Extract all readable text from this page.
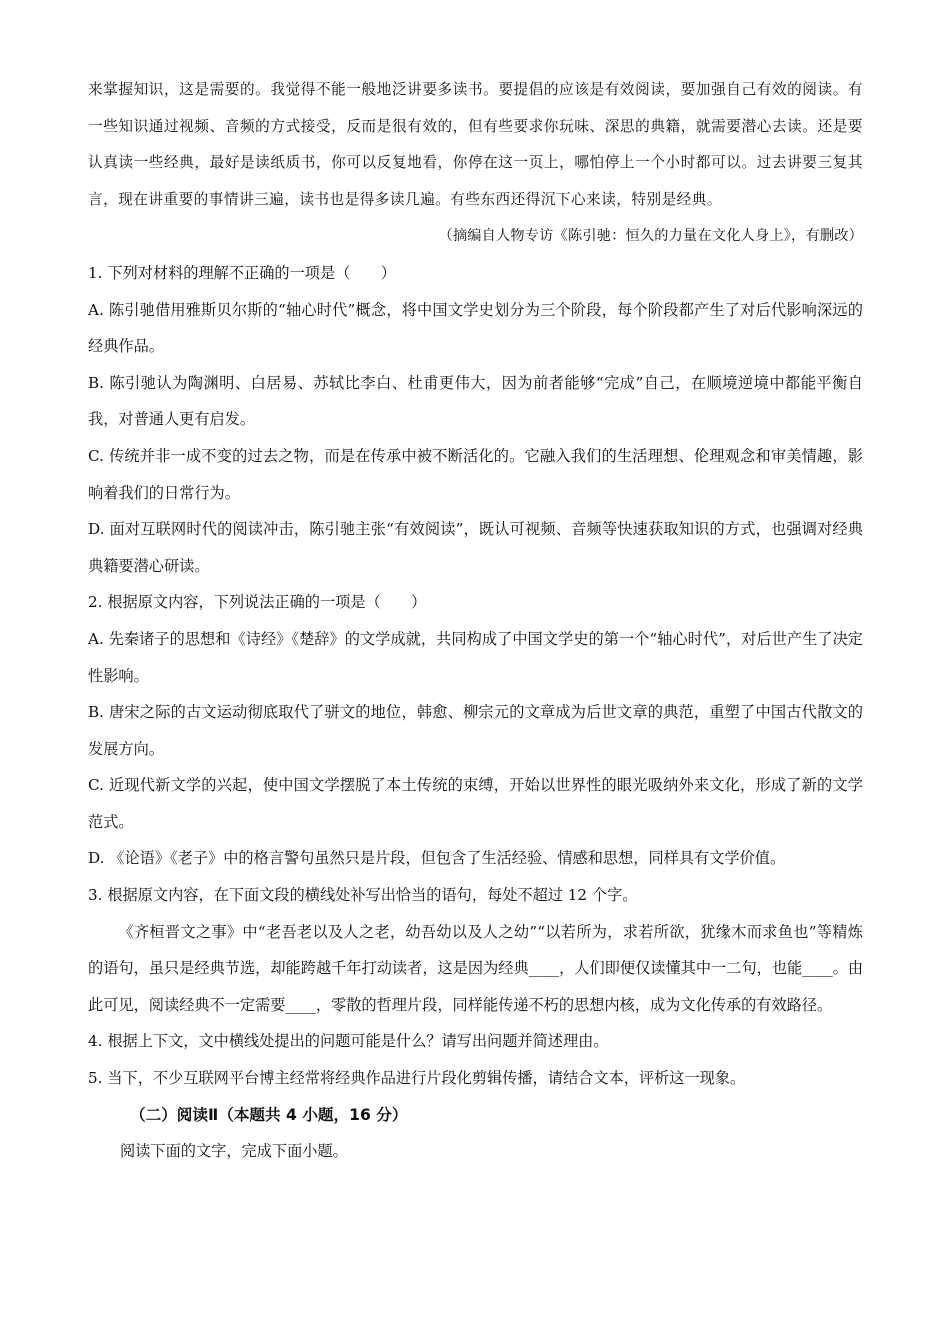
来掌握知识，这是需要的。我觉得不能一般地泛讲要多读书。要提倡的应该是有效阅读，要加强自己有效的阅读。有一些知识通过视频、音频的方式接受，反而是很有效的，但有些要求你玩味、深思的典籍，就需要潜心去读。还是要认真读一些经典，最好是读纸质书，你可以反复地看，你停在这一页上，哪怕停上一个小时都可以。过去讲要三复其言，现在讲重要的事情讲三遍，读书也是得多读几遍。有些东西还得沉下心来读，特别是经典。

（摘编自人物专访《陈引驰：恒久的力量在文化人身上》，有删改）

1. 下列对材料的理解不正确的一项是（　　）

A. 陈引驰借用雅斯贝尔斯的“轴心时代”概念，将中国文学史划分为三个阶段，每个阶段都产生了对后代影响深远的经典作品。

B. 陈引驰认为陶渊明、白居易、苏轼比李白、杜甫更伟大，因为前者能够“完成”自己，在顺境逆境中都能平衡自我，对普通人更有启发。

C. 传统并非一成不变的过去之物，而是在传承中被不断活化的。它融入我们的生活理想、伦理观念和审美情趣，影响着我们的日常行为。

D. 面对互联网时代的阅读冲击，陈引驰主张“有效阅读”，既认可视频、音频等快速获取知识的方式，也强调对经典典籍要潜心研读。

2. 根据原文内容，下列说法正确的一项是（　　）

A. 先秦诸子的思想和《诗经》《楚辞》的文学成就，共同构成了中国文学史的第一个“轴心时代”，对后世产生了决定性影响。

B. 唐宋之际的古文运动彻底取代了骈文的地位，韩愈、柳宗元的文章成为后世文章的典范，重塑了中国古代散文的发展方向。

C. 近现代新文学的兴起，使中国文学摆脱了本土传统的束缚，开始以世界性的眼光吸纳外来文化，形成了新的文学范式。

D. 《论语》《老子》中的格言警句虽然只是片段，但包含了生活经验、情感和思想，同样具有文学价值。

3. 根据原文内容，在下面文段的横线处补写出恰当的语句，每处不超过 12 个字。

《齐桓晋文之事》中“老吾老以及人之老，幼吾幼以及人之幼”“以若所为，求若所欲，犹缘木而求鱼也”等精炼的语句，虽只是经典节选，却能跨越千年打动读者，这是因为经典____，人们即便仅读懂其中一二句，也能____。由此可见，阅读经典不一定需要____，零散的哲理片段，同样能传递不朽的思想内核，成为文化传承的有效路径。

4. 根据上下文，文中横线处提出的问题可能是什么？请写出问题并简述理由。

5. 当下，不少互联网平台博主经常将经典作品进行片段化剪辑传播，请结合文本，评析这一现象。

（二）阅读Ⅱ（本题共 4 小题，16 分）

阅读下面的文字，完成下面小题。
